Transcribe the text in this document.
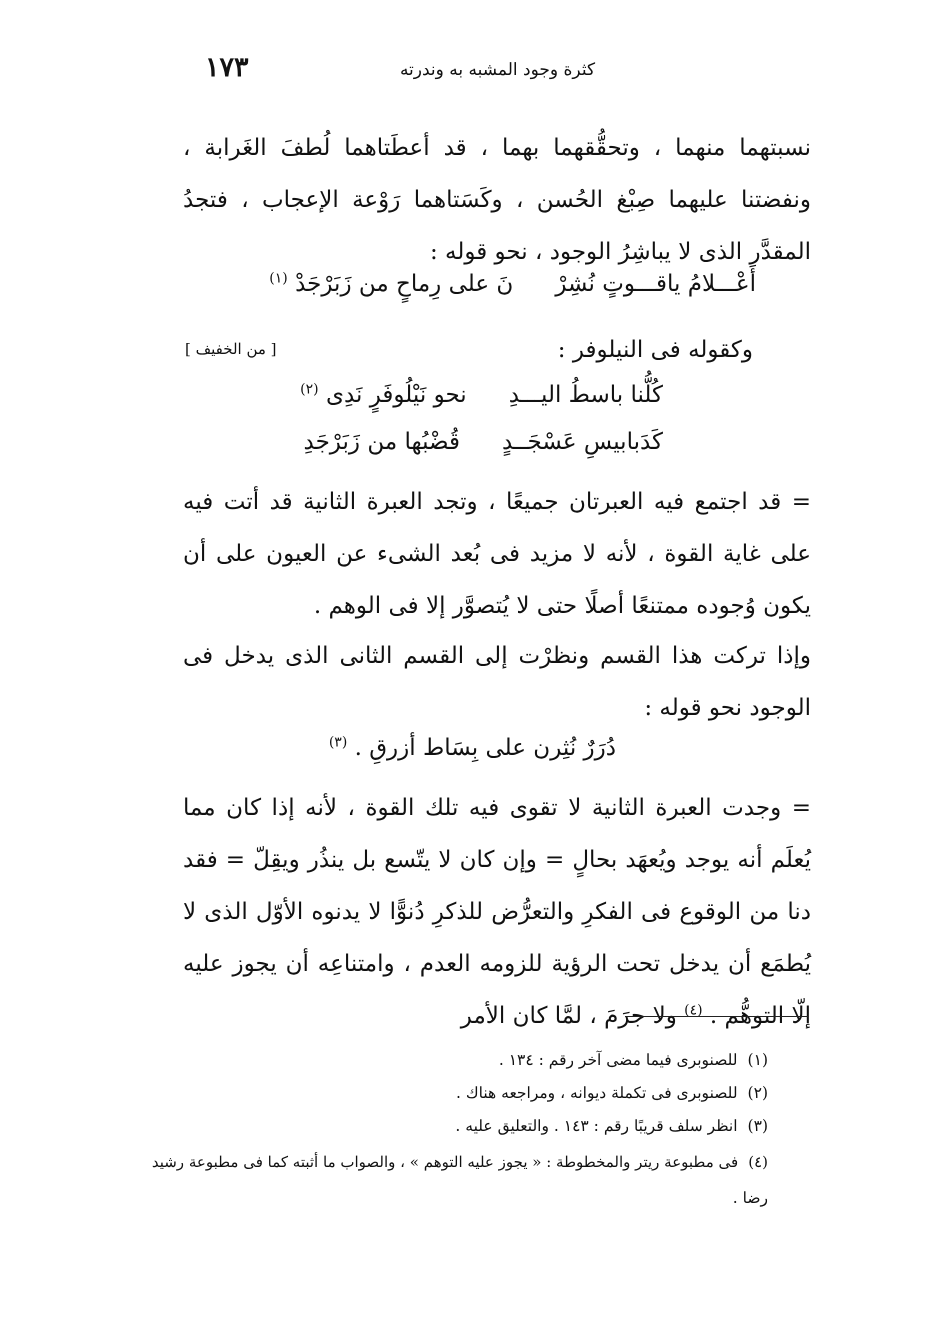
كثرة وجود المشبه به وندرته
١٧٣
نسبتهما منهما ، وتحقُّقهما بهما ، قد أعطَتاهما لُطفَ الغَرابة ، ونفضتنا عليهما صِبْغ الحُسن ، وكَسَتاهما رَوْعة الإعجاب ، فتجدُ المقدَّر الذى لا يباشِرُ الوجود ، نحو قوله :
أَعْـــلامُ ياقـــوتٍ نُشِرْنَ على رِماحٍ من زَبَرْجَدْ $^{(١)}$
وكقوله فى النيلوفر :
[ من الخفيف ]
كُلُّنا باسطُ اليـــدِنحو نَيْلُوفَرٍ نَدِى $^{(٢)}$
كَدَبابيسِ عَسْجَــدٍقُضْبُها من زَبَرْجَدِ
= قد اجتمع فيه العبرتان جميعًا ، وتجد العبرة الثانية قد أتت فيه على غاية القوة ، لأنه لا مزيد فى بُعد الشىء عن العيون على أن يكون وُجوده ممتنعًا أصلًا حتى لا يُتصوَّر إلا فى الوهم .
وإذا تركت هذا القسم ونظرْت إلى القسم الثانى الذى يدخل فى الوجود نحو قوله :
دُرَرٌ نُثِرن على بِسَاط أزرقِ . $^{(٣)}$
= وجدت العبرة الثانية لا تقوى فيه تلك القوة ، لأنه إذا كان مما يُعلَم أنه يوجد ويُعهَد بحالٍ = وإن كان لا يتّسع بل ينذُر ويقِلّ = فقد دنا من الوقوع فى الفكرِ والتعرُّض للذكرِ دُنوًّا لا يدنوه الأوّل الذى لا يُطمَع أن يدخل تحت الرؤية للزومه العدم ، وامتناعِه أن يجوز عليه إلّا التوهُّم . $^{(٤)}$ ولا جرَمَ ، لمَّا كان الأمر
(١)للصنوبرى فيما مضى آخر رقم : ١٣٤ .
(٢)للصنوبرى فى تكملة ديوانه ، ومراجعه هناك .
(٣)انظر سلف قريبًا رقم : ١٤٣ . والتعليق عليه .
(٤)فى مطبوعة ريتر والمخطوطة : « يجوز عليه التوهم » ، والصواب ما أثبته كما فى مطبوعة رشيد
رضا .
